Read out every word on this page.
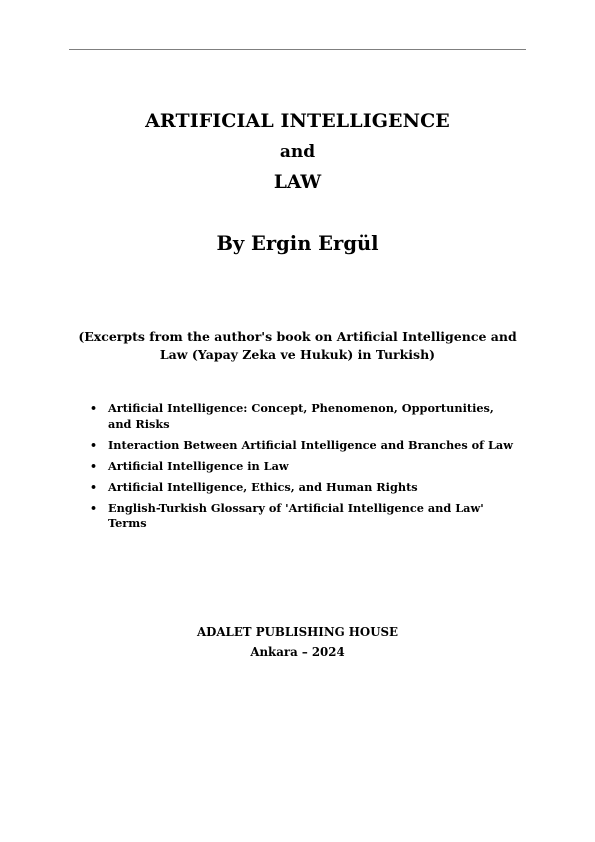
ARTIFICIAL INTELLIGENCE
and
LAW
By Ergin Ergül
(Excerpts from the author's book on Artificial Intelligence and Law (Yapay Zeka ve Hukuk) in Turkish)
• Artificial Intelligence: Concept, Phenomenon, Opportunities, and Risks
• Interaction Between Artificial Intelligence and Branches of Law
• Artificial Intelligence in Law
• Artificial Intelligence, Ethics, and Human Rights
• English-Turkish Glossary of 'Artificial Intelligence and Law' Terms
ADALET PUBLISHING HOUSE
Ankara – 2024
